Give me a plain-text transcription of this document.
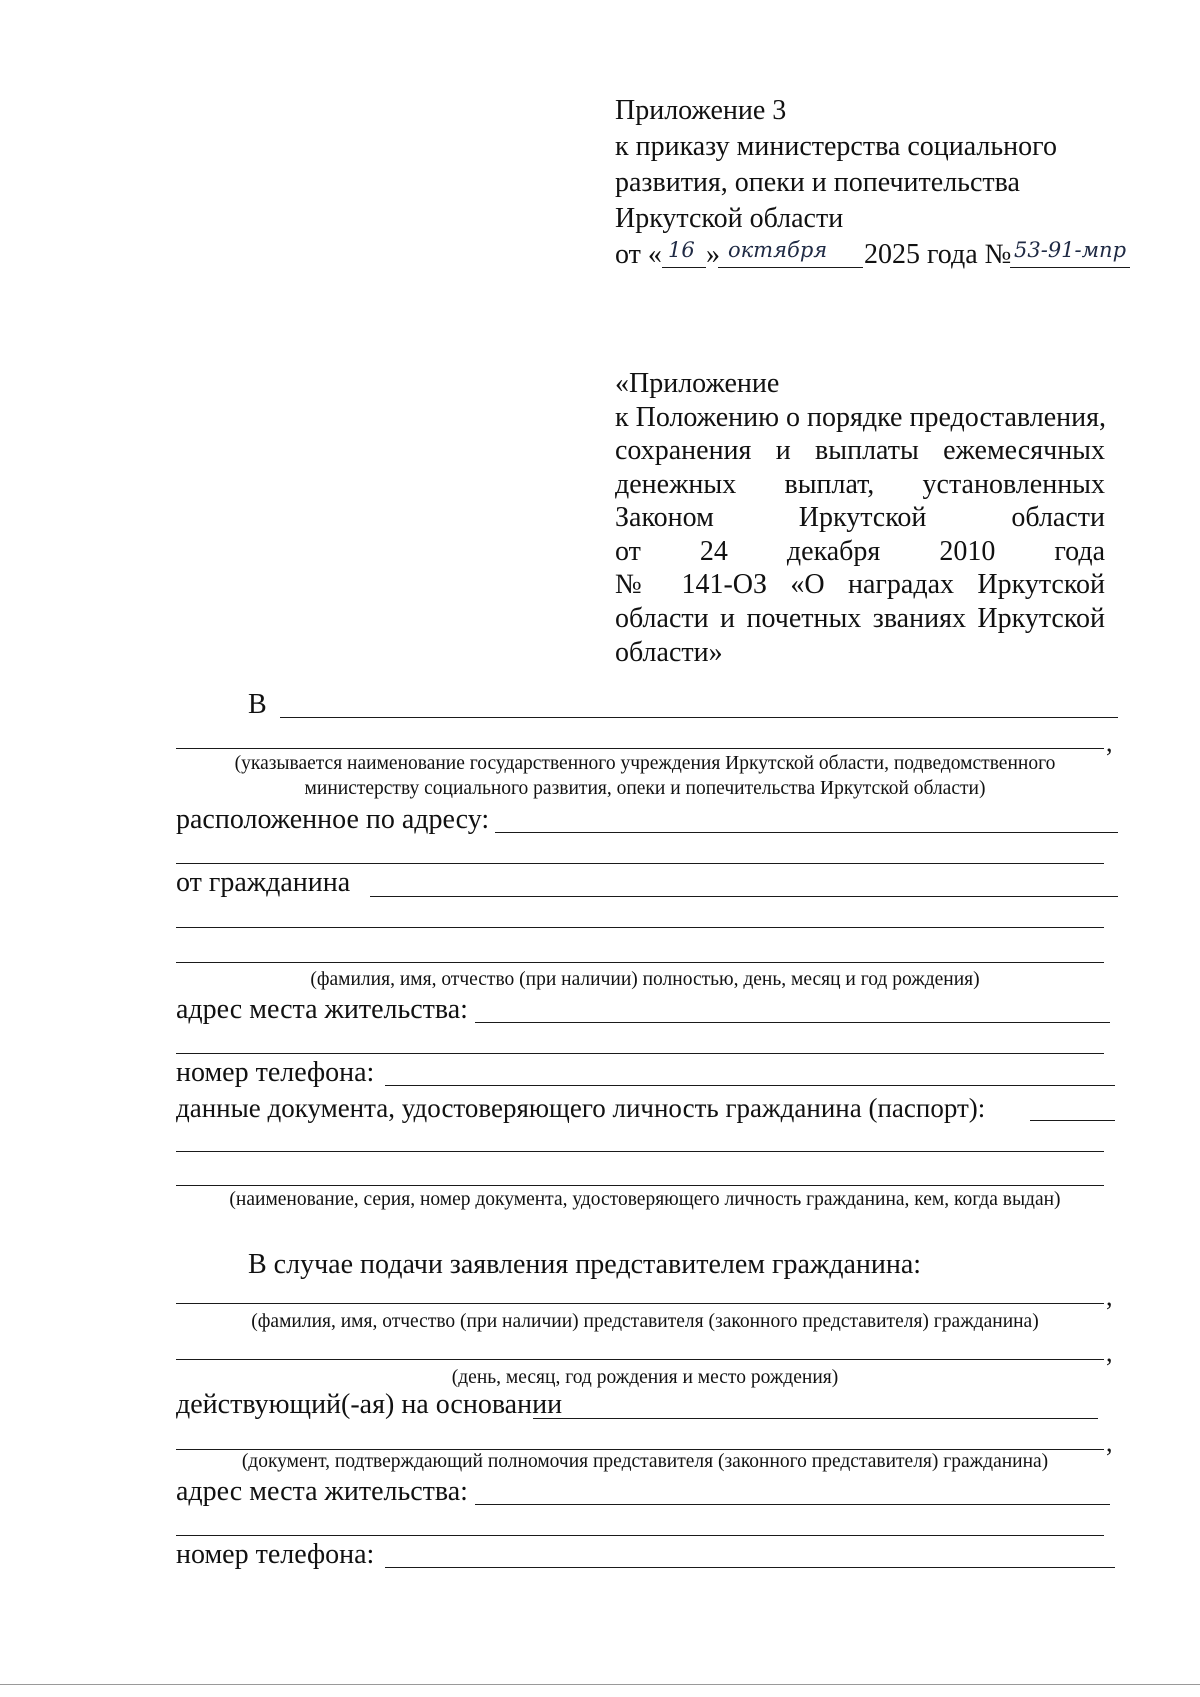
Приложение 3
к приказу министерства социального
развития, опеки и попечительства
Иркутской области
от « 16 » октября 2025 года № 53-91-мпр
«Приложение
к Положению о порядке предоставления,
сохранения и выплаты ежемесячных
денежных выплат, установленных
Законом Иркутской области
от 24 декабря 2010 года
№ 141-ОЗ «О наградах Иркутской
области и почетных званиях Иркутской
области»
В
,
(указывается наименование государственного учреждения Иркутской области, подведомственного
министерству социального развития, опеки и попечительства Иркутской области)
расположенное по адресу:
от гражданина
(фамилия, имя, отчество (при наличии) полностью, день, месяц и год рождения)
адрес места жительства:
номер телефона:
данные документа, удостоверяющего личность гражданина (паспорт):
(наименование, серия, номер документа, удостоверяющего личность гражданина, кем, когда выдан)
В случае подачи заявления представителем гражданина:
,
(фамилия, имя, отчество (при наличии) представителя (законного представителя) гражданина)
,
(день, месяц, год рождения и место рождения)
действующий(-ая) на основании
,
(документ, подтверждающий полномочия представителя (законного представителя) гражданина)
адрес места жительства:
номер телефона:
